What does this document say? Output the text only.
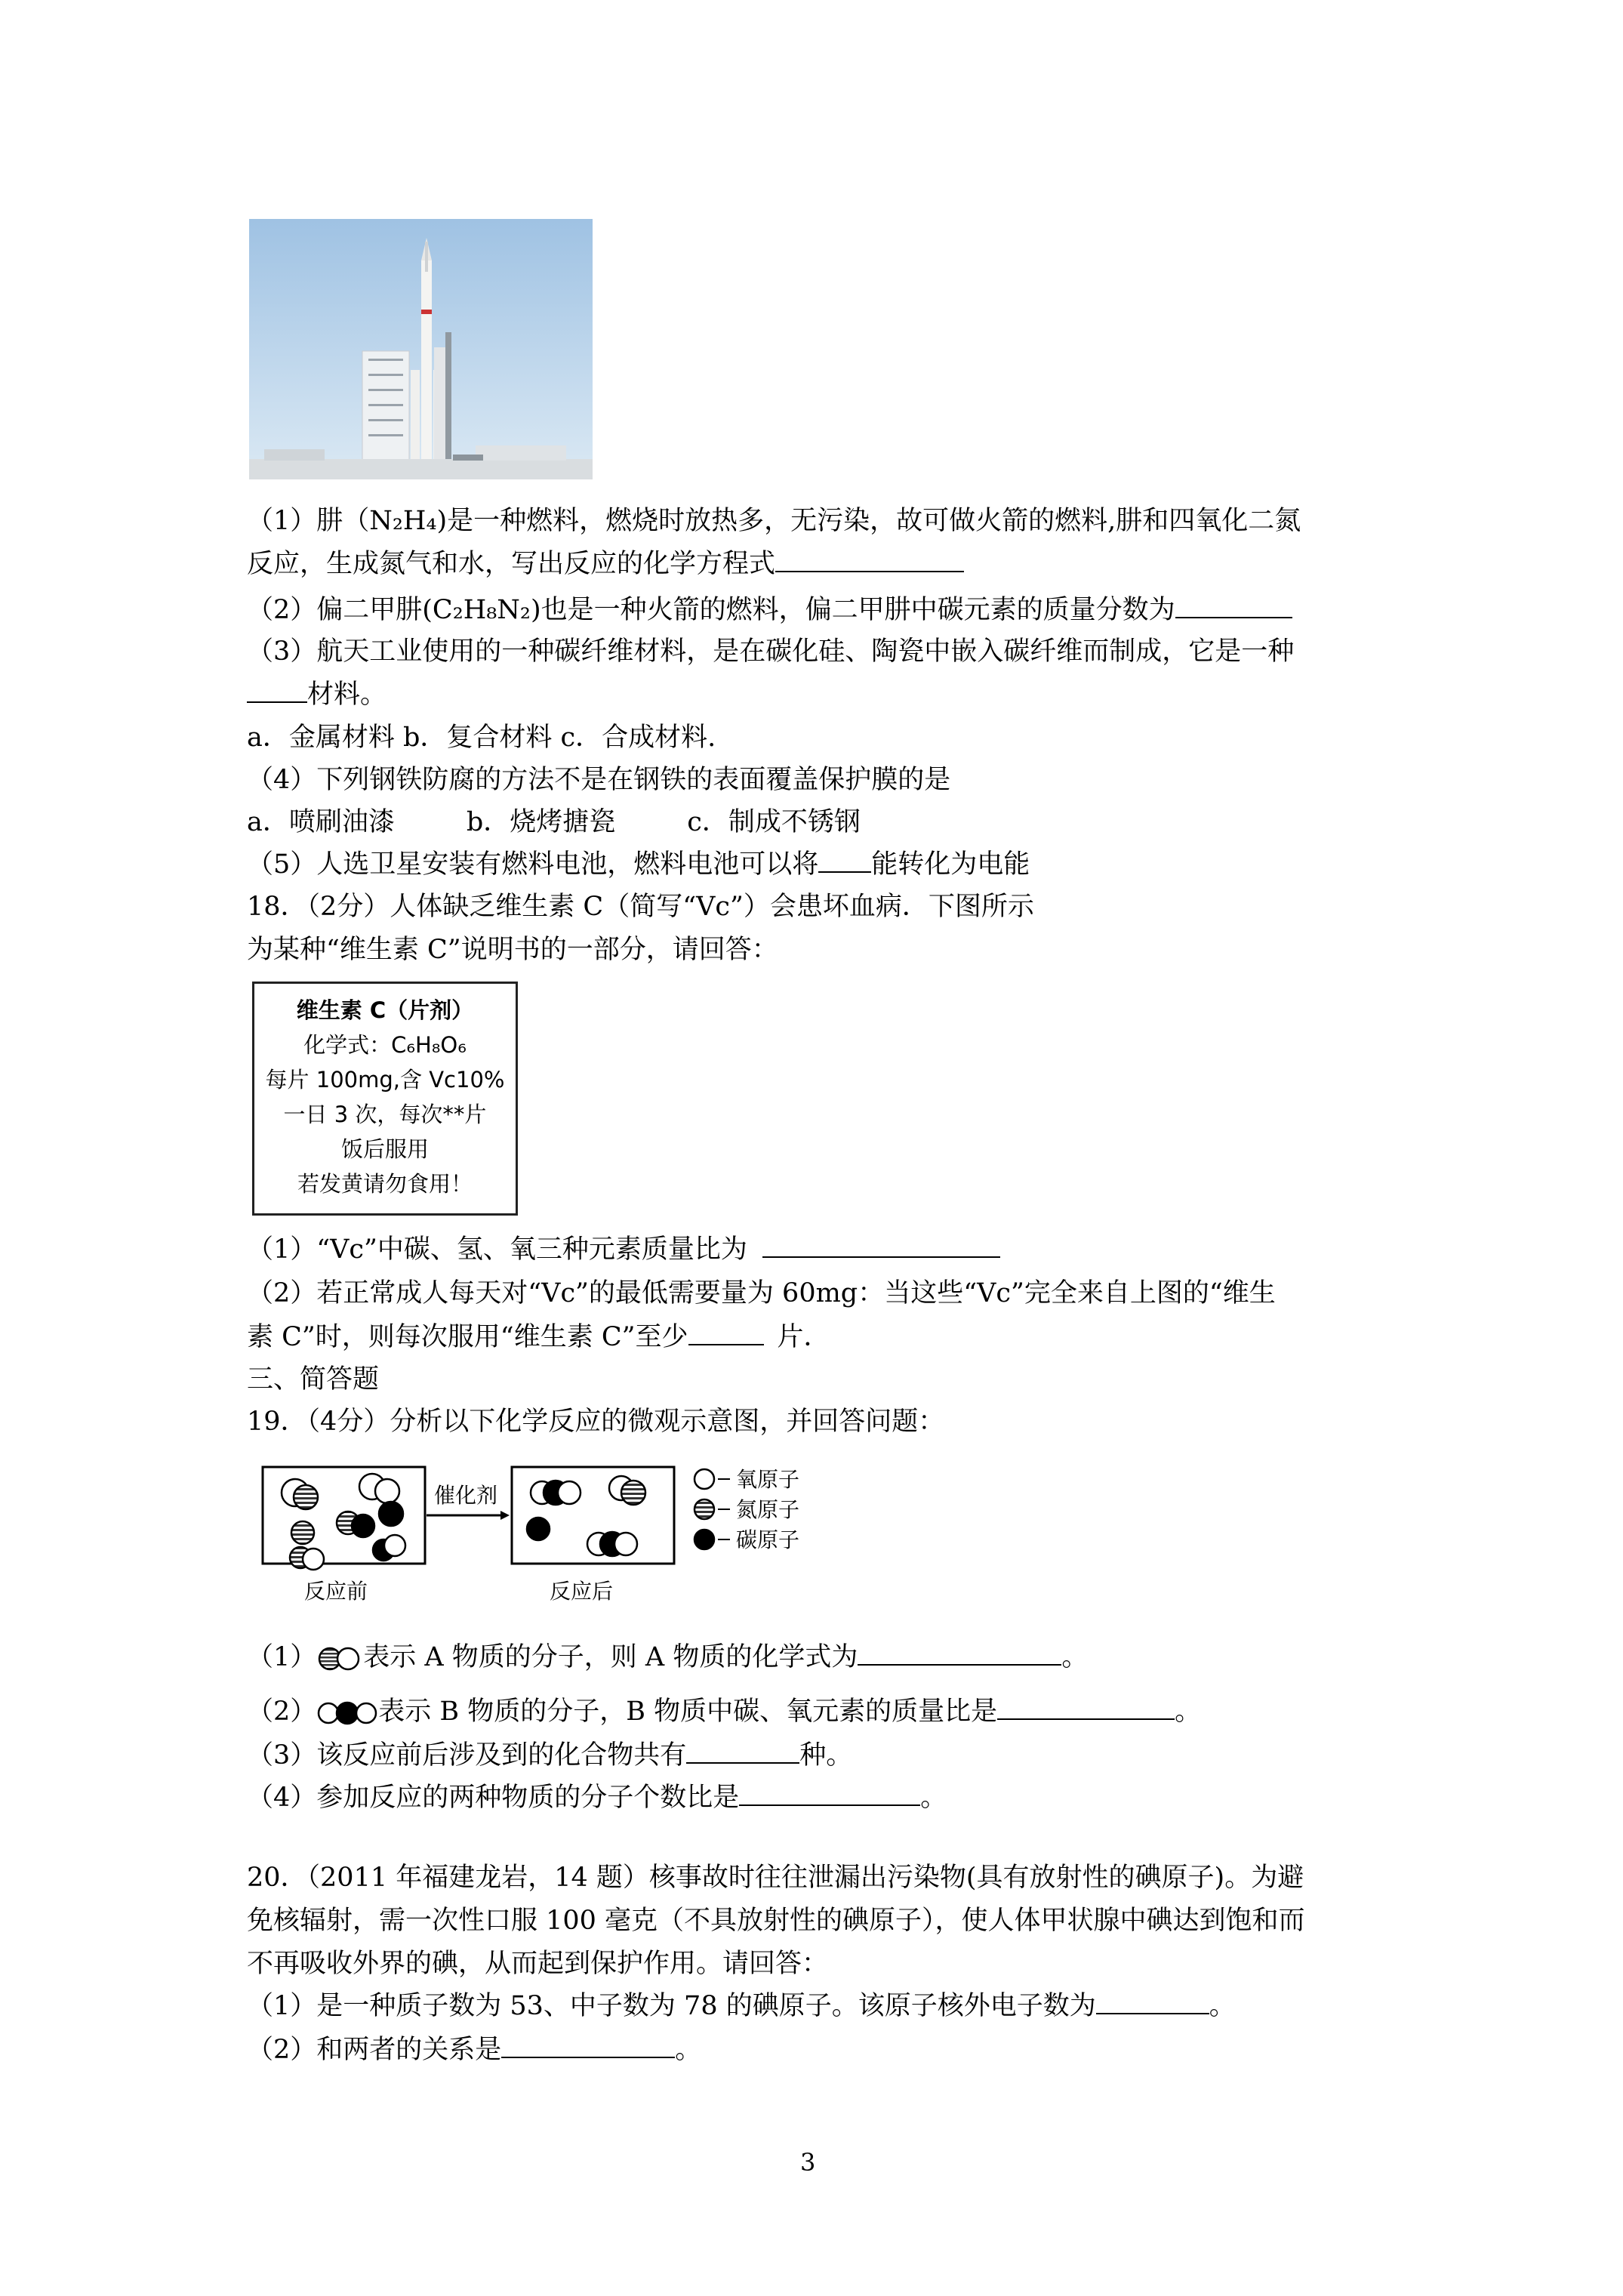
（1）肼（N₂H₄)是一种燃料，燃烧时放热多，无污染，故可做火箭的燃料,肼和四氧化二氮
反应，生成氮气和水，写出反应的化学方程式
（2）偏二甲肼(C₂H₈N₂)也是一种火箭的燃料，偏二甲肼中碳元素的质量分数为
（3）航天工业使用的一种碳纤维材料，是在碳化硅、陶瓷中嵌入碳纤维而制成，它是一种
材料。
a．金属材料 b．复合材料 c．合成材料.
（4）下列钢铁防腐的方法不是在钢铁的表面覆盖保护膜的是
a．喷刷油漆	b．烧烤搪瓷	c．制成不锈钢
（5）人选卫星安装有燃料电池，燃料电池可以将 能转化为电能
18．（2分）人体缺乏维生素 C（简写“Vc”）会患坏血病．下图所示
为某种“维生素 C”说明书的一部分，请回答：
维生素 C（片剂）
化学式：C₆H₈O₆
每片 100mg,含 Vc10%
一日 3 次，每次**片
饭后服用
若发黄请勿食用！
（1）“Vc”中碳、氢、氧三种元素质量比为
（2）若正常成人每天对“Vc”的最低需要量为 60mg：当这些“Vc”完全来自上图的“维生
素 C”时，则每次服用“维生素 C”至少	片．
三、简答题
19．（4分）分析以下化学反应的微观示意图，并回答问题：
催化剂
氧原子
氮原子
碳原子
反应前	反应后
（1） 表示 A 物质的分子，则 A 物质的化学式为	。
（2） 表示 B 物质的分子，B 物质中碳、氧元素的质量比是	。
（3）该反应前后涉及到的化合物共有	种。
（4）参加反应的两种物质的分子个数比是	。
20．（2011 年福建龙岩，14 题）核事故时往往泄漏出污染物(具有放射性的碘原子)。为避
免核辐射，需一次性口服 100 毫克（不具放射性的碘原子），使人体甲状腺中碘达到饱和而
不再吸收外界的碘，从而起到保护作用。请回答：
（1）是一种质子数为 53、中子数为 78 的碘原子。该原子核外电子数为	。
（2）和两者的关系是	。
3
